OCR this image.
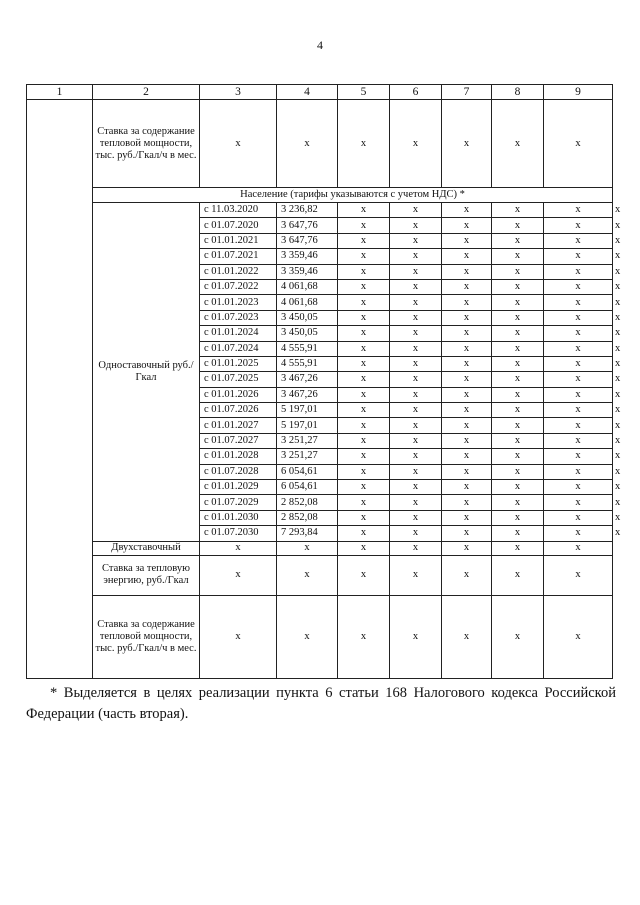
4
1	2	3	4	5	6	7	8	9	
	Ставка за содержание тепловой мощности, тыс. руб./Гкал/ч в мес.	x	x	x	x	x	x	x	
	Население (тарифы указываются с учетом НДС) *								
	Одноставочный руб./Гкал	с 11.03.2020	3 236,82	x	x	x	x	x	x
		с 01.07.2020	3 647,76	x	x	x	x	x	x
		с 01.01.2021	3 647,76	x	x	x	x	x	x
		с 01.07.2021	3 359,46	x	x	x	x	x	x
		с 01.01.2022	3 359,46	x	x	x	x	x	x
		с 01.07.2022	4 061,68	x	x	x	x	x	x
		с 01.01.2023	4 061,68	x	x	x	x	x	x
		с 01.07.2023	3 450,05	x	x	x	x	x	x
		с 01.01.2024	3 450,05	x	x	x	x	x	x
		с 01.07.2024	4 555,91	x	x	x	x	x	x
		с 01.01.2025	4 555,91	x	x	x	x	x	x
		с 01.07.2025	3 467,26	x	x	x	x	x	x
		с 01.01.2026	3 467,26	x	x	x	x	x	x
		с 01.07.2026	5 197,01	x	x	x	x	x	x
		с 01.01.2027	5 197,01	x	x	x	x	x	x
		с 01.07.2027	3 251,27	x	x	x	x	x	x
		с 01.01.2028	3 251,27	x	x	x	x	x	x
		с 01.07.2028	6 054,61	x	x	x	x	x	x
		с 01.01.2029	6 054,61	x	x	x	x	x	x
		с 01.07.2029	2 852,08	x	x	x	x	x	x
		с 01.01.2030	2 852,08	x	x	x	x	x	x
		с 01.07.2030	7 293,84	x	x	x	x	x	x
	Двухставочный	x	x	x	x	x	x	x	
	Ставка за тепловую энергию, руб./Гкал	x	x	x	x	x	x	x	
	Ставка за содержание тепловой мощности, тыс. руб./Гкал/ч в мес.	x	x	x	x	x	x	x	
* Выделяется в целях реализации пункта 6 статьи 168 Налогового кодекса Российской Федерации (часть вторая).
